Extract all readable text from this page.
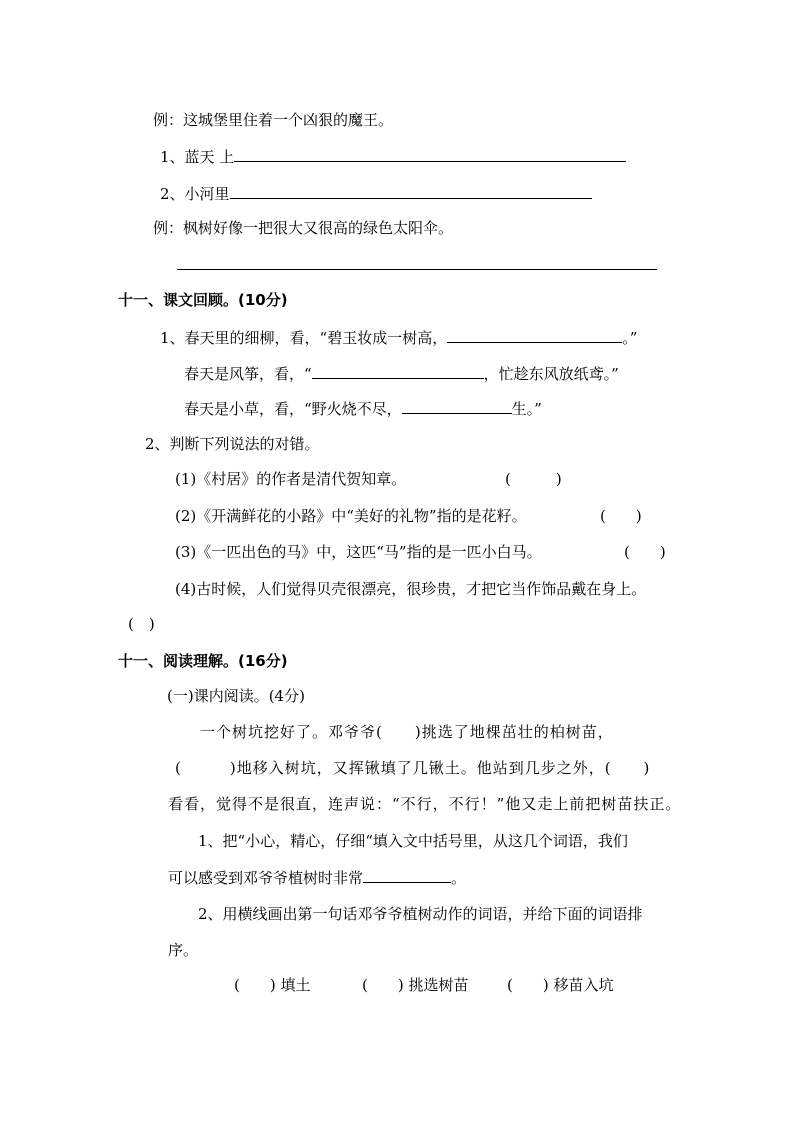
例：这城堡里住着一个凶狠的魔王。
1、蓝天 上
2、小河里
例：枫树好像一把很大又很高的绿色太阳伞。
十一、课文回顾。(10分)
1、春天里的细柳，看，“碧玉妆成一树高，	。”
春天是风筝，看，“	，忙趁东风放纸鸢。”
春天是小草，看，“野火烧不尽，	生。”
2、判断下列说法的对错。
(1)《村居》的作者是清代贺知章。	(　　　)
(2)《开满鲜花的小路》中“美好的礼物”指的是花籽。	(　　)
(3)《一匹出色的马》中，这匹“马”指的是一匹小白马。	(　　)
(4)古时候，人们觉得贝壳很漂亮，很珍贵，才把它当作饰品戴在身上。
(　)
十一、阅读理解。(16分)
(一)课内阅读。(4分)
一个树坑挖好了。邓爷爷(　　)挑选了地棵茁壮的柏树苗，
(　　　)地移入树坑，又挥锹填了几锹土。他站到几步之外，(　　)
看看，觉得不是很直，连声说：“不行，不行！”他又走上前把树苗扶正。
1、把“小心，精心，仔细“填入文中括号里，从这几个词语，我们
可以感受到邓爷爷植树时非常	。
2、用横线画出第一句话邓爷爷植树动作的词语，并给下面的词语排
序。
(　　) 填土	(　　) 挑选树苗	(　　) 移苗入坑
